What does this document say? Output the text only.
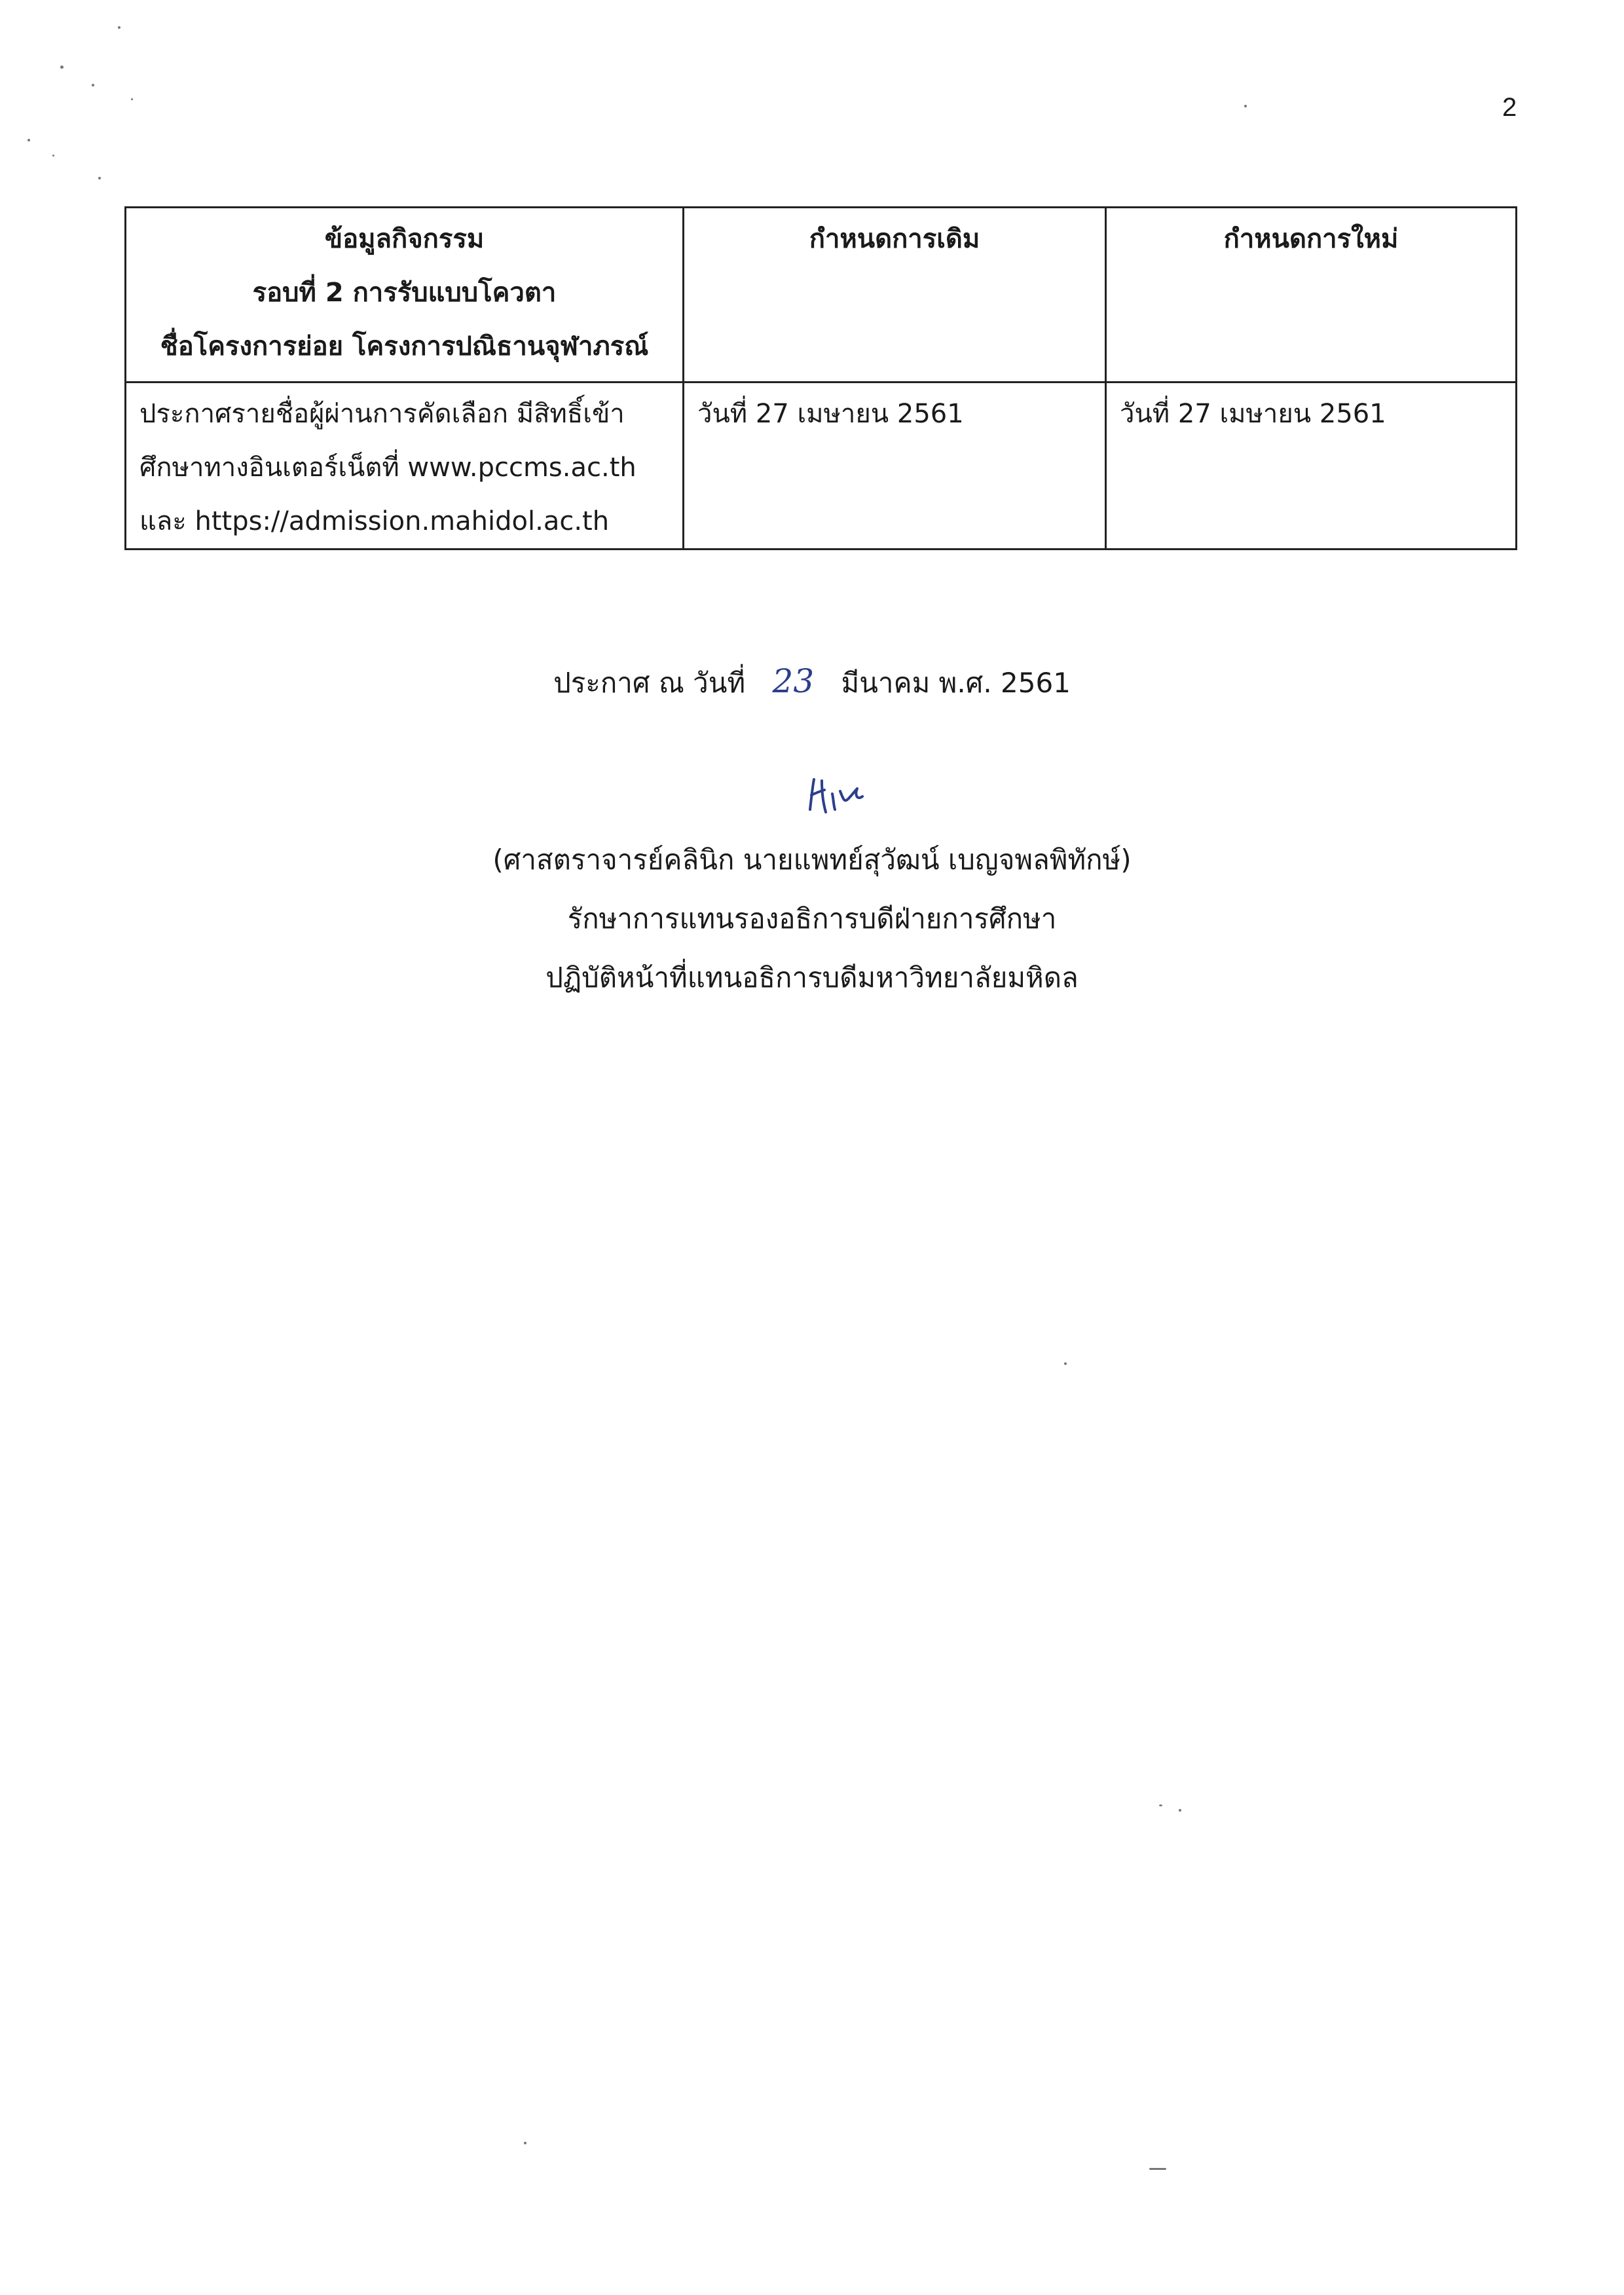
2
ข้อมูลกิจกรรม
รอบที่ 2 การรับแบบโควตา
ชื่อโครงการย่อย โครงการปณิธานจุฬาภรณ์	กำหนดการเดิม	กำหนดการใหม่

ประกาศรายชื่อผู้ผ่านการคัดเลือก มีสิทธิ์เข้า
ศึกษาทางอินเตอร์เน็ตที่ www.pccms.ac.th
และ https://admission.mahidol.ac.th	วันที่ 27 เมษายน 2561	วันที่ 27 เมษายน 2561
ประกาศ ณ วันที่ 23 มีนาคม พ.ศ. 2561
(ศาสตราจารย์คลินิก นายแพทย์สุวัฒน์ เบญจพลพิทักษ์)
รักษาการแทนรองอธิการบดีฝ่ายการศึกษา
ปฏิบัติหน้าที่แทนอธิการบดีมหาวิทยาลัยมหิดล
